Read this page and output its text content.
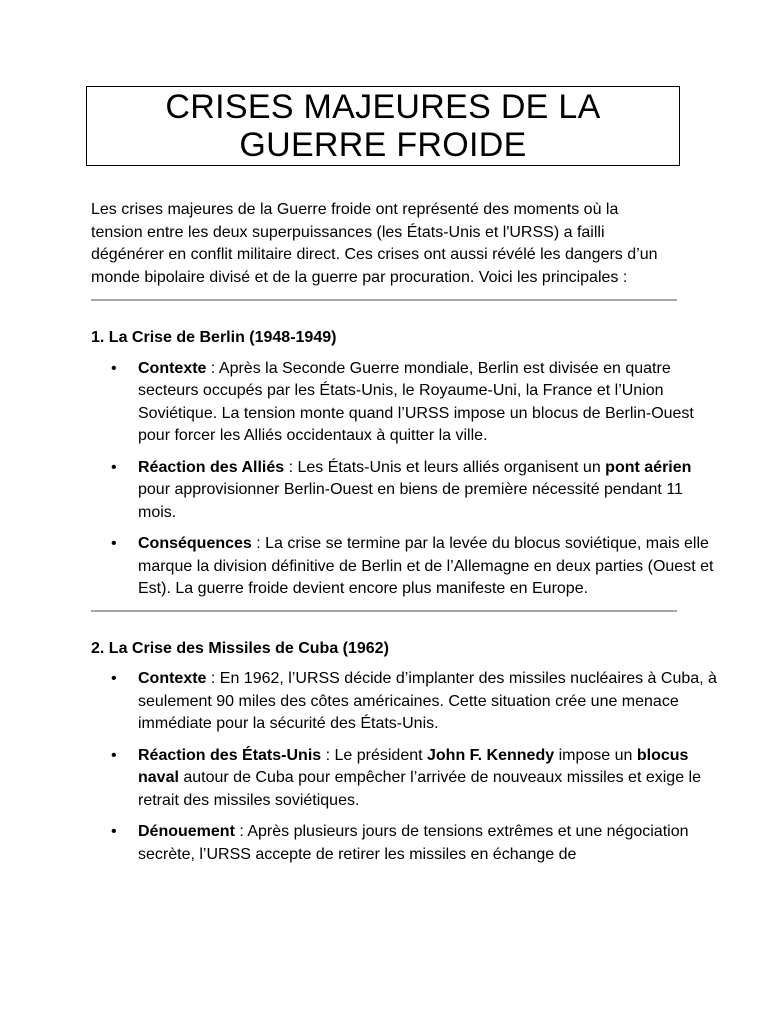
CRISES MAJEURES DE LA
GUERRE FROIDE

Les crises majeures de la Guerre froide ont représenté des moments où la tension entre les deux superpuissances (les États-Unis et l'URSS) a failli dégénérer en conflit militaire direct. Ces crises ont aussi révélé les dangers d’un monde bipolaire divisé et de la guerre par procuration. Voici les principales :

1. La Crise de Berlin (1948-1949)
• Contexte : Après la Seconde Guerre mondiale, Berlin est divisée en quatre secteurs occupés par les États-Unis, le Royaume-Uni, la France et l’Union Soviétique. La tension monte quand l’URSS impose un blocus de Berlin-Ouest pour forcer les Alliés occidentaux à quitter la ville.
• Réaction des Alliés : Les États-Unis et leurs alliés organisent un pont aérien pour approvisionner Berlin-Ouest en biens de première nécessité pendant 11 mois.
• Conséquences : La crise se termine par la levée du blocus soviétique, mais elle marque la division définitive de Berlin et de l’Allemagne en deux parties (Ouest et Est). La guerre froide devient encore plus manifeste en Europe.
2. La Crise des Missiles de Cuba (1962)
• Contexte : En 1962, l’URSS décide d’implanter des missiles nucléaires à Cuba, à seulement 90 miles des côtes américaines. Cette situation crée une menace immédiate pour la sécurité des États-Unis.
• Réaction des États-Unis : Le président John F. Kennedy impose un blocus naval autour de Cuba pour empêcher l’arrivée de nouveaux missiles et exige le retrait des missiles soviétiques.
• Dénouement : Après plusieurs jours de tensions extrêmes et une négociation secrète, l’URSS accepte de retirer les missiles en échange de
